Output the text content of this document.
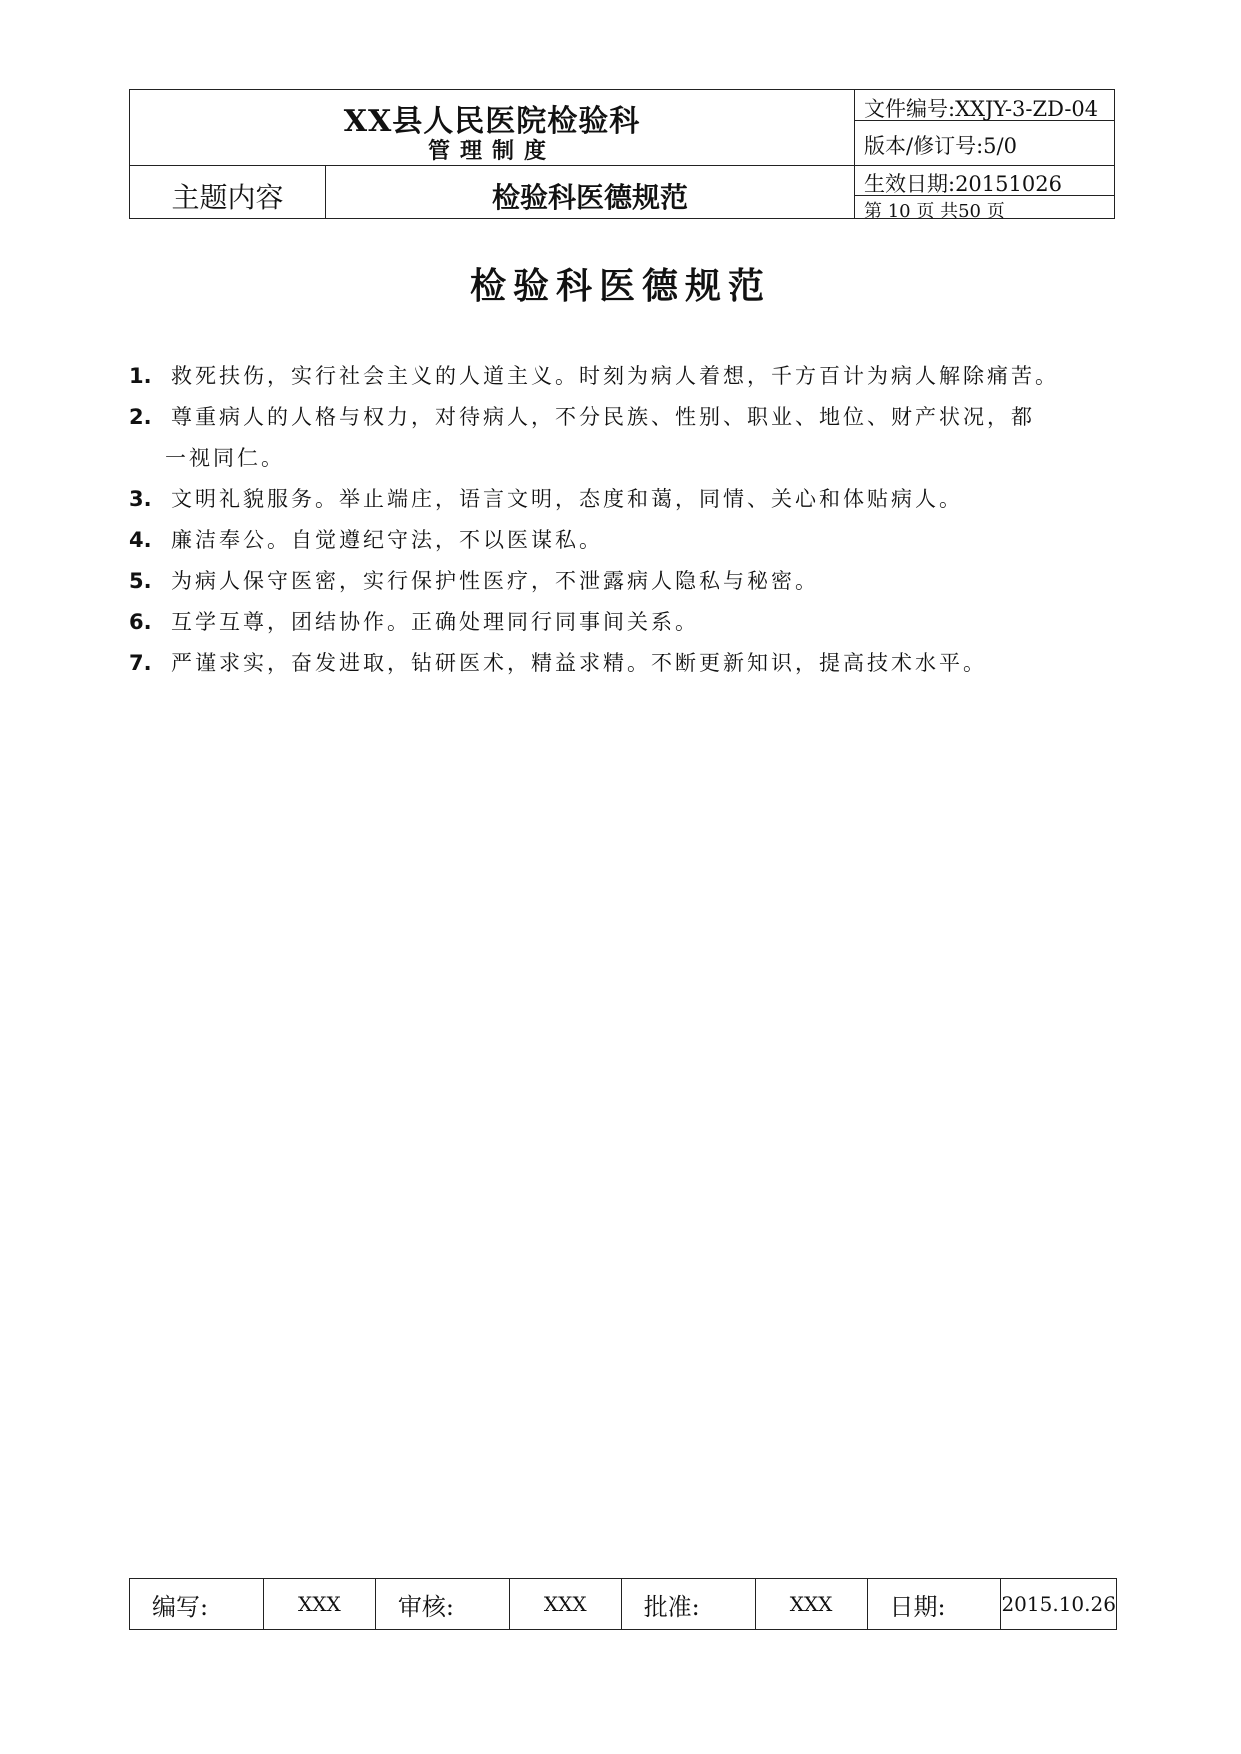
XX县人民医院检验科
管理制度
主题内容	检验科医德规范
文件编号:XXJY-3-ZD-04
版本/修订号:5/0
生效日期:20151026
第 10 页 共50 页
检验科医德规范
1. 救死扶伤，实行社会主义的人道主义。时刻为病人着想，千方百计为病人解除痛苦。
2. 尊重病人的人格与权力，对待病人，不分民族、性别、职业、地位、财产状况，都
一视同仁。
3. 文明礼貌服务。举止端庄，语言文明，态度和蔼，同情、关心和体贴病人。
4. 廉洁奉公。自觉遵纪守法，不以医谋私。
5. 为病人保守医密，实行保护性医疗，不泄露病人隐私与秘密。
6. 互学互尊，团结协作。正确处理同行同事间关系。
7. 严谨求实，奋发进取，钻研医术，精益求精。不断更新知识，提高技术水平。
编写:	XXX	审核:	XXX	批准:	XXX	日期:	2015.10.26
